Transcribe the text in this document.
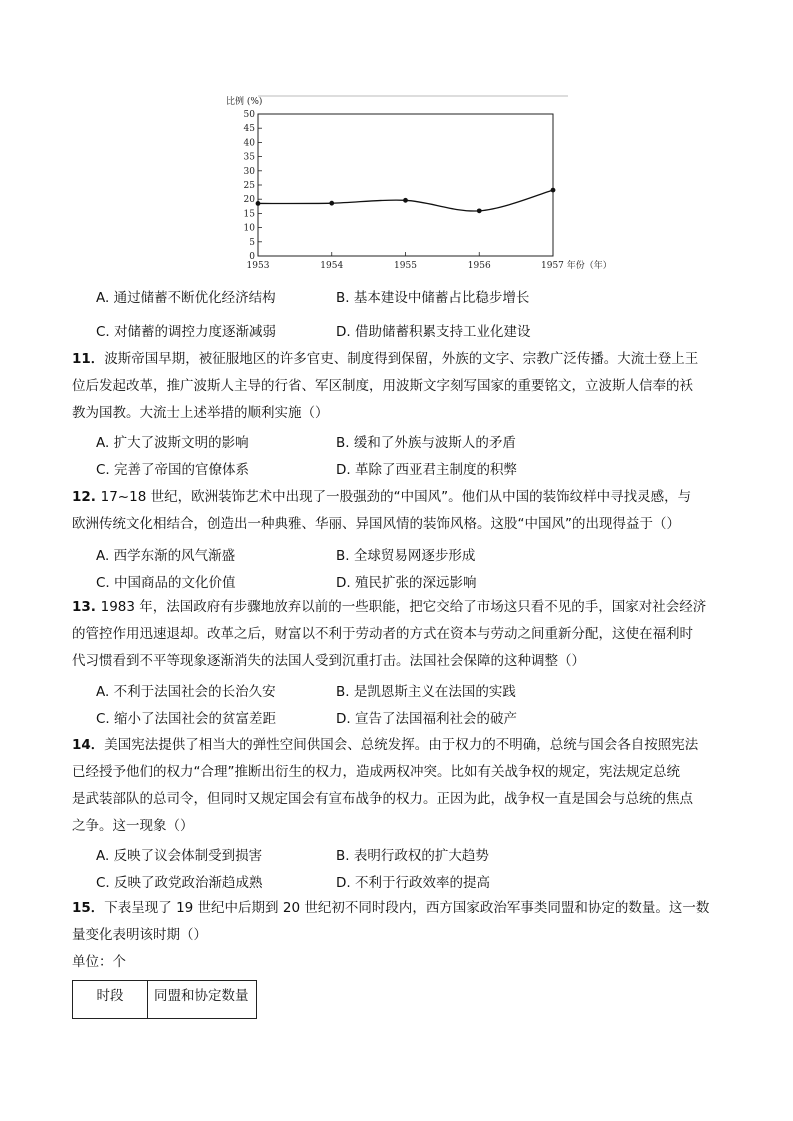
比例 (%)
0
5
10
15
20
25
30
35
40
45
50
1953	1954	1955	1956	1957 年份（年）
A. 通过储蓄不断优化经济结构	B. 基本建设中储蓄占比稳步增长
C. 对储蓄的调控力度逐渐减弱	D. 借助储蓄积累支持工业化建设
11．波斯帝国早期，被征服地区的许多官吏、制度得到保留，外族的文字、宗教广泛传播。大流士登上王
位后发起改革，推广波斯人主导的行省、军区制度，用波斯文字刻写国家的重要铭文，立波斯人信奉的袄
教为国教。大流士上述举措的顺利实施（）
A. 扩大了波斯文明的影响	B. 缓和了外族与波斯人的矛盾
C. 完善了帝国的官僚体系	D. 革除了西亚君主制度的积弊
12. 17~18 世纪，欧洲装饰艺术中出现了一股强劲的“中国风”。他们从中国的装饰纹样中寻找灵感，与
欧洲传统文化相结合，创造出一种典雅、华丽、异国风情的装饰风格。这股“中国风”的出现得益于（）
A. 西学东渐的风气渐盛	B. 全球贸易网逐步形成
C. 中国商品的文化价值	D. 殖民扩张的深远影响
13. 1983 年，法国政府有步骤地放弃以前的一些职能，把它交给了市场这只看不见的手，国家对社会经济
的管控作用迅速退却。改革之后，财富以不利于劳动者的方式在资本与劳动之间重新分配，这使在福利时
代习惯看到不平等现象逐渐消失的法国人受到沉重打击。法国社会保障的这种调整（）
A. 不利于法国社会的长治久安	B. 是凯恩斯主义在法国的实践
C. 缩小了法国社会的贫富差距	D. 宣告了法国福利社会的破产
14．美国宪法提供了相当大的弹性空间供国会、总统发挥。由于权力的不明确，总统与国会各自按照宪法
已经授予他们的权力“合理”推断出衍生的权力，造成两权冲突。比如有关战争权的规定，宪法规定总统
是武装部队的总司令，但同时又规定国会有宣布战争的权力。正因为此，战争权一直是国会与总统的焦点
之争。这一现象（）
A. 反映了议会体制受到损害	B. 表明行政权的扩大趋势
C. 反映了政党政治渐趋成熟	D. 不利于行政效率的提高
15．下表呈现了 19 世纪中后期到 20 世纪初不同时段内，西方国家政治军事类同盟和协定的数量。这一数
量变化表明该时期（）
单位：个
时段	同盟和协定数量
